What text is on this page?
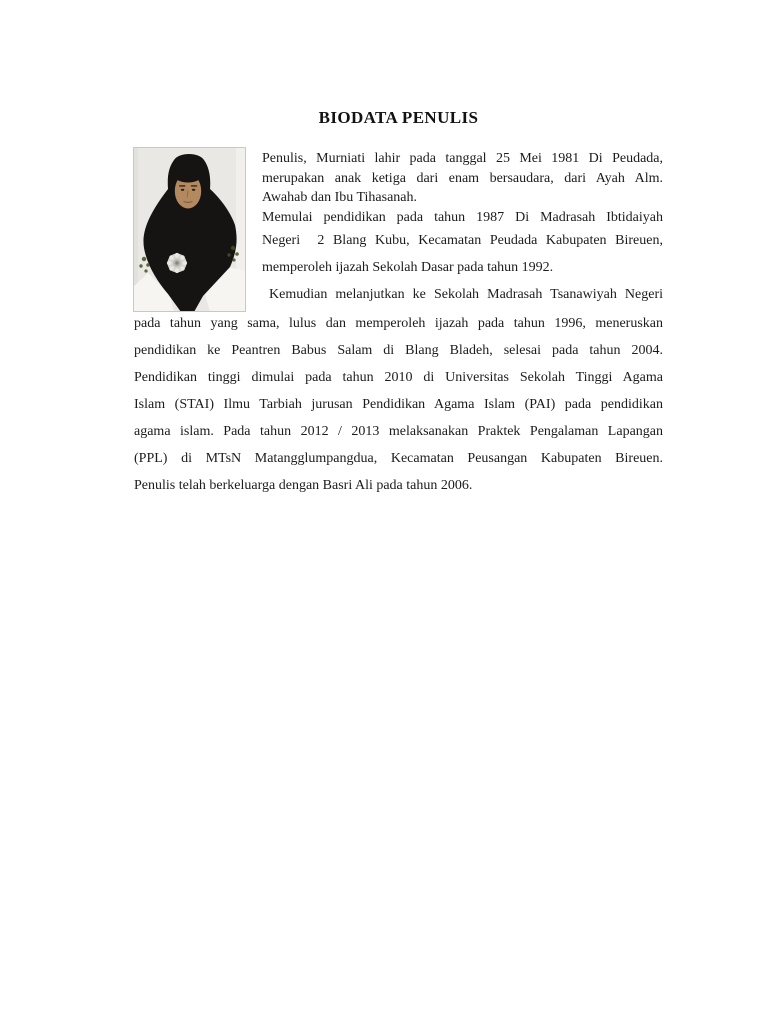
BIODATA PENULIS
Penulis, Murniati lahir pada tanggal 25 Mei 1981 Di Peudada,
merupakan anak ketiga dari enam bersaudara, dari Ayah Alm.
Awahab dan Ibu Tihasanah.
Memulai pendidikan pada tahun 1987 Di Madrasah Ibtidaiyah
Negeri  2 Blang Kubu, Kecamatan Peudada Kabupaten Bireuen,
memperoleh ijazah Sekolah Dasar pada tahun 1992.
Kemudian melanjutkan ke Sekolah Madrasah Tsanawiyah Negeri
pada tahun yang sama, lulus dan memperoleh ijazah pada tahun 1996, meneruskan
pendidikan ke Peantren Babus Salam di Blang Bladeh, selesai pada tahun 2004.
Pendidikan tinggi dimulai pada tahun 2010 di Universitas Sekolah Tinggi Agama
Islam (STAI) Ilmu Tarbiah jurusan Pendidikan Agama Islam (PAI) pada pendidikan
agama islam. Pada tahun 2012 / 2013 melaksanakan Praktek Pengalaman Lapangan
(PPL) di MTsN Matangglumpangdua, Kecamatan Peusangan Kabupaten Bireuen.
Penulis telah berkeluarga dengan Basri Ali pada tahun 2006.
